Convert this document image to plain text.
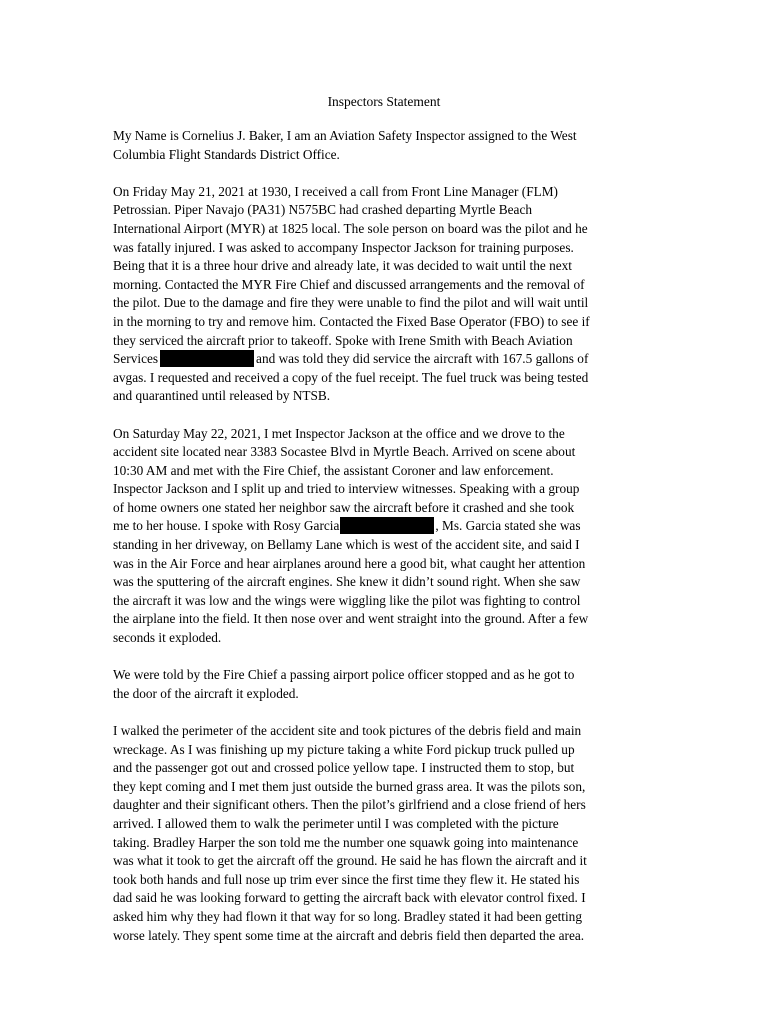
Inspectors Statement
My Name is Cornelius J. Baker, I am an Aviation Safety Inspector assigned to the West
Columbia Flight Standards District Office.
On Friday May 21, 2021 at 1930, I received a call from Front Line Manager (FLM)
Petrossian. Piper Navajo (PA31) N575BC had crashed departing Myrtle Beach
International Airport (MYR) at 1825 local. The sole person on board was the pilot and he
was fatally injured. I was asked to accompany Inspector Jackson for training purposes.
Being that it is a three hour drive and already late, it was decided to wait until the next
morning. Contacted the MYR Fire Chief and discussed arrangements and the removal of
the pilot. Due to the damage and fire they were unable to find the pilot and will wait until
in the morning to try and remove him. Contacted the Fixed Base Operator (FBO) to see if
they serviced the aircraft prior to takeoff. Spoke with Irene Smith with Beach Aviation
Services	and was told they did service the aircraft with 167.5 gallons of
avgas. I requested and received a copy of the fuel receipt. The fuel truck was being tested
and quarantined until released by NTSB.
On Saturday May 22, 2021, I met Inspector Jackson at the office and we drove to the
accident site located near 3383 Socastee Blvd in Myrtle Beach. Arrived on scene about
10:30 AM and met with the Fire Chief, the assistant Coroner and law enforcement.
Inspector Jackson and I split up and tried to interview witnesses. Speaking with a group
of home owners one stated her neighbor saw the aircraft before it crashed and she took
me to her house. I spoke with Rosy Garcia	, Ms. Garcia stated she was
standing in her driveway, on Bellamy Lane which is west of the accident site, and said I
was in the Air Force and hear airplanes around here a good bit, what caught her attention
was the sputtering of the aircraft engines. She knew it didn’t sound right. When she saw
the aircraft it was low and the wings were wiggling like the pilot was fighting to control
the airplane into the field. It then nose over and went straight into the ground. After a few
seconds it exploded.
We were told by the Fire Chief a passing airport police officer stopped and as he got to
the door of the aircraft it exploded.
I walked the perimeter of the accident site and took pictures of the debris field and main
wreckage. As I was finishing up my picture taking a white Ford pickup truck pulled up
and the passenger got out and crossed police yellow tape. I instructed them to stop, but
they kept coming and I met them just outside the burned grass area. It was the pilots son,
daughter and their significant others. Then the pilot’s girlfriend and a close friend of hers
arrived. I allowed them to walk the perimeter until I was completed with the picture
taking. Bradley Harper the son told me the number one squawk going into maintenance
was what it took to get the aircraft off the ground. He said he has flown the aircraft and it
took both hands and full nose up trim ever since the first time they flew it. He stated his
dad said he was looking forward to getting the aircraft back with elevator control fixed. I
asked him why they had flown it that way for so long. Bradley stated it had been getting
worse lately. They spent some time at the aircraft and debris field then departed the area.
